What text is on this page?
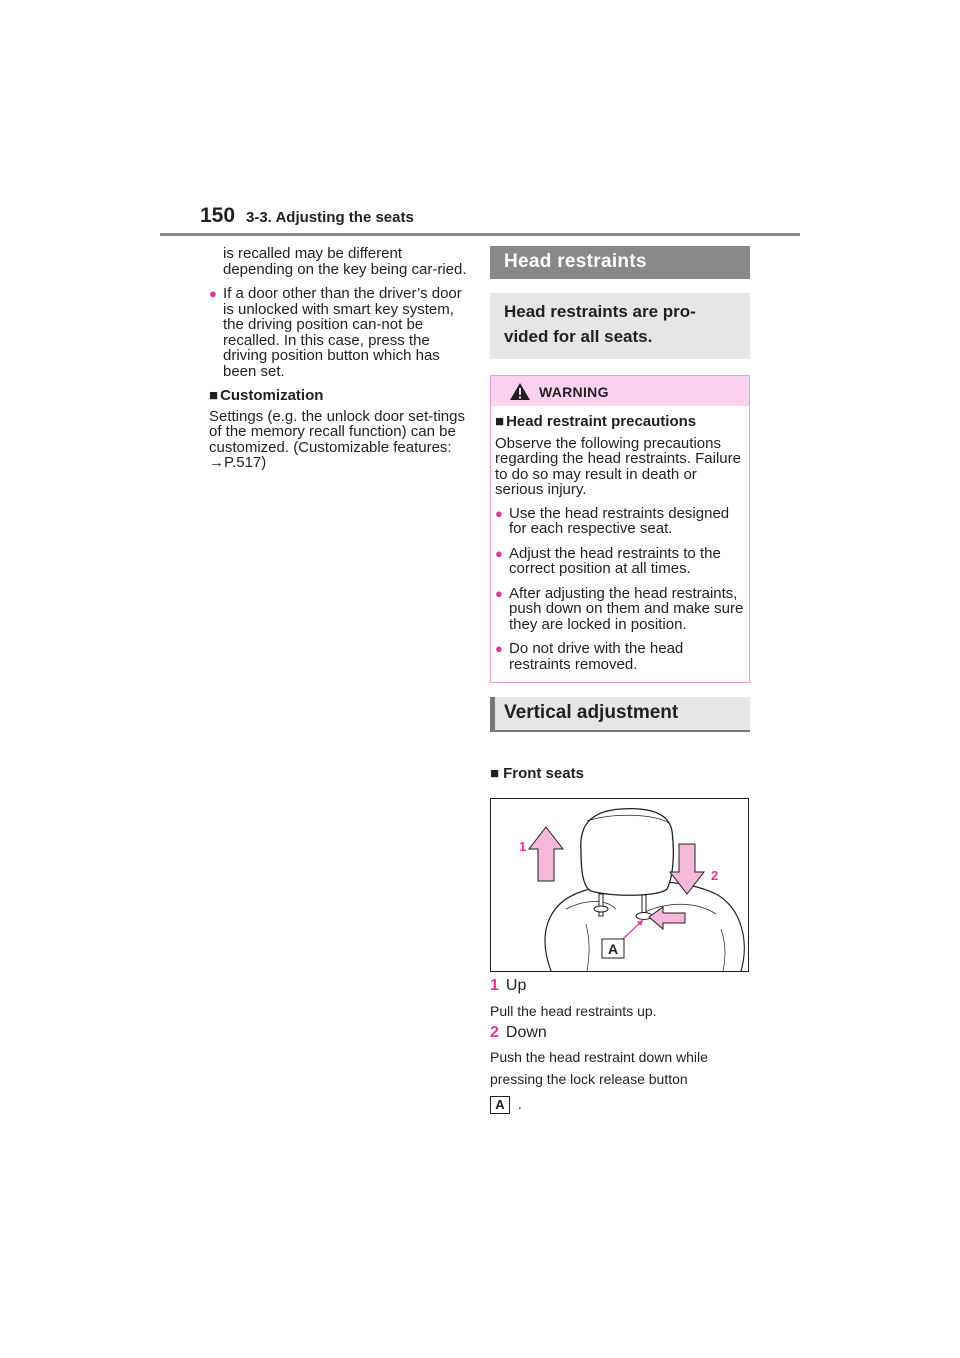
150 3-3. Adjusting the seats

is recalled may be different depending on the key being car-ried.

● If a door other than the driver’s door is unlocked with smart key system, the driving position can-not be recalled. In this case, press the driving position button which has been set.
■ Customization

Settings (e.g. the unlock door set-tings of the memory recall function) can be customized. (Customizable features: →P.517)

Head restraints
Head restraints are pro-vided for all seats.
WARNING
■ Head restraint precautions

Observe the following precautions regarding the head restraints. Failure to do so may result in death or serious injury.

● Use the head restraints designed for each respective seat.
● Adjust the head restraints to the correct position at all times.
● After adjusting the head restraints, push down on them and make sure they are locked in position.
● Do not drive with the head restraints removed.
Vertical adjustment
■ Front seats
1
2
A
1 Up
Pull the head restraints up.
2 Down
Push the head restraint down while pressing the lock release button
A .
